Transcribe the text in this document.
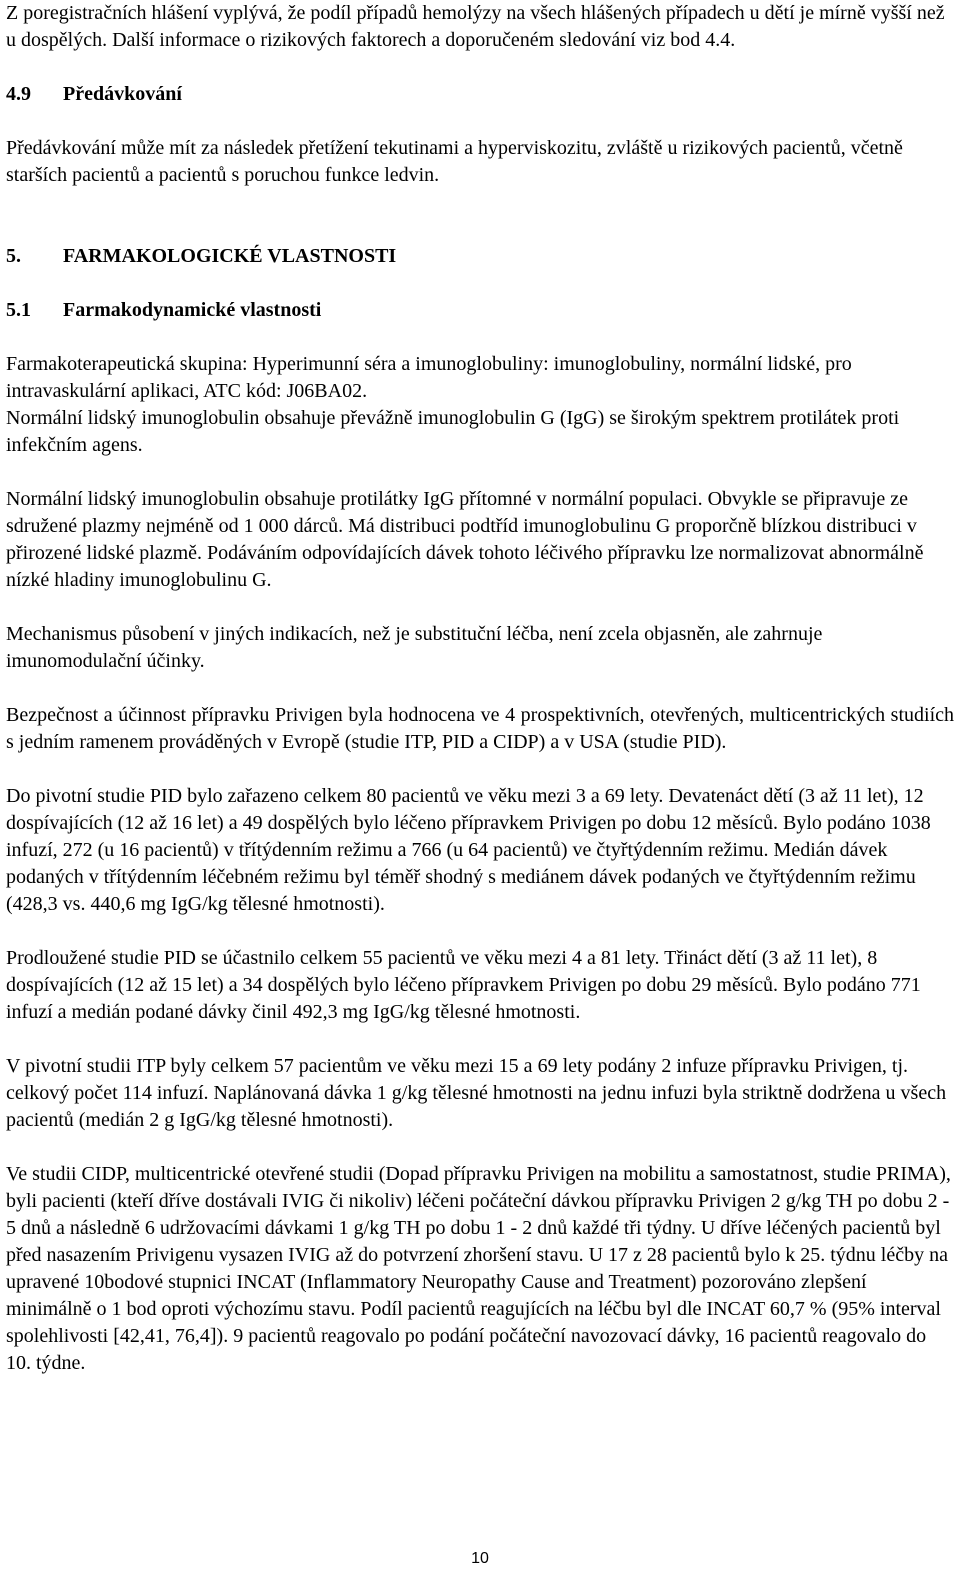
Z poregistračních hlášení vyplývá, že podíl případů hemolýzy na všech hlášených případech u dětí je mírně vyšší než u dospělých. Další informace o rizikových faktorech a doporučeném sledování viz bod 4.4.

4.9	Předávkování

Předávkování může mít za následek přetížení tekutinami a hyperviskozitu, zvláště u rizikových pacientů, včetně starších pacientů a pacientů s poruchou funkce ledvin.

5.	FARMAKOLOGICKÉ VLASTNOSTI
5.1	Farmakodynamické vlastnosti

Farmakoterapeutická skupina: Hyperimunní séra a imunoglobuliny: imunoglobuliny, normální lidské, pro intravaskulární aplikaci, ATC kód: J06BA02.

Normální lidský imunoglobulin obsahuje převážně imunoglobulin G (IgG) se širokým spektrem protilátek proti infekčním agens.

Normální lidský imunoglobulin obsahuje protilátky IgG přítomné v normální populaci. Obvykle se připravuje ze sdružené plazmy nejméně od 1 000 dárců. Má distribuci podtříd imunoglobulinu G proporčně blízkou distribuci v přirozené lidské plazmě. Podáváním odpovídajících dávek tohoto léčivého přípravku lze normalizovat abnormálně nízké hladiny imunoglobulinu G.

Mechanismus působení v jiných indikacích, než je substituční léčba, není zcela objasněn, ale zahrnuje imunomodulační účinky.

Bezpečnost a účinnost přípravku Privigen byla hodnocena ve 4 prospektivních, otevřených, multicentrických studiích s jedním ramenem prováděných v Evropě (studie ITP, PID a CIDP) a v USA (studie PID).

Do pivotní studie PID bylo zařazeno celkem 80 pacientů ve věku mezi 3 a 69 lety. Devatenáct dětí (3 až 11 let), 12 dospívajících (12 až 16 let) a 49 dospělých bylo léčeno přípravkem Privigen po dobu 12 měsíců. Bylo podáno 1038 infuzí, 272 (u 16 pacientů) v třítýdenním režimu a 766 (u 64 pacientů) ve čtyřtýdenním režimu. Medián dávek podaných v třítýdenním léčebném režimu byl téměř shodný s mediánem dávek podaných ve čtyřtýdenním režimu (428,3 vs. 440,6 mg IgG/kg tělesné hmotnosti).

Prodloužené studie PID se účastnilo celkem 55 pacientů ve věku mezi 4 a 81 lety. Třináct dětí (3 až 11 let), 8 dospívajících (12 až 15 let) a 34 dospělých bylo léčeno přípravkem Privigen po dobu 29 měsíců. Bylo podáno 771 infuzí a medián podané dávky činil 492,3 mg IgG/kg tělesné hmotnosti.

V pivotní studii ITP byly celkem 57 pacientům ve věku mezi 15 a 69 lety podány 2 infuze přípravku Privigen, tj. celkový počet 114 infuzí. Naplánovaná dávka 1 g/kg tělesné hmotnosti na jednu infuzi byla striktně dodržena u všech pacientů (medián 2 g IgG/kg tělesné hmotnosti).

Ve studii CIDP, multicentrické otevřené studii (Dopad přípravku Privigen na mobilitu a samostatnost, studie PRIMA), byli pacienti (kteří dříve dostávali IVIG či nikoliv) léčeni počáteční dávkou přípravku Privigen 2 g/kg TH po dobu 2 - 5 dnů a následně 6 udržovacími dávkami 1 g/kg TH po dobu 1 - 2 dnů každé tři týdny. U dříve léčených pacientů byl před nasazením Privigenu vysazen IVIG až do potvrzení zhoršení stavu. U 17 z 28 pacientů bylo k 25. týdnu léčby na upravené 10bodové stupnici INCAT (Inflammatory Neuropathy Cause and Treatment) pozorováno zlepšení minimálně o 1 bod oproti výchozímu stavu. Podíl pacientů reagujících na léčbu byl dle INCAT 60,7 % (95% interval spolehlivosti [42,41, 76,4]). 9 pacientů reagovalo po podání počáteční navozovací dávky, 16 pacientů reagovalo do 10. týdne.

10
